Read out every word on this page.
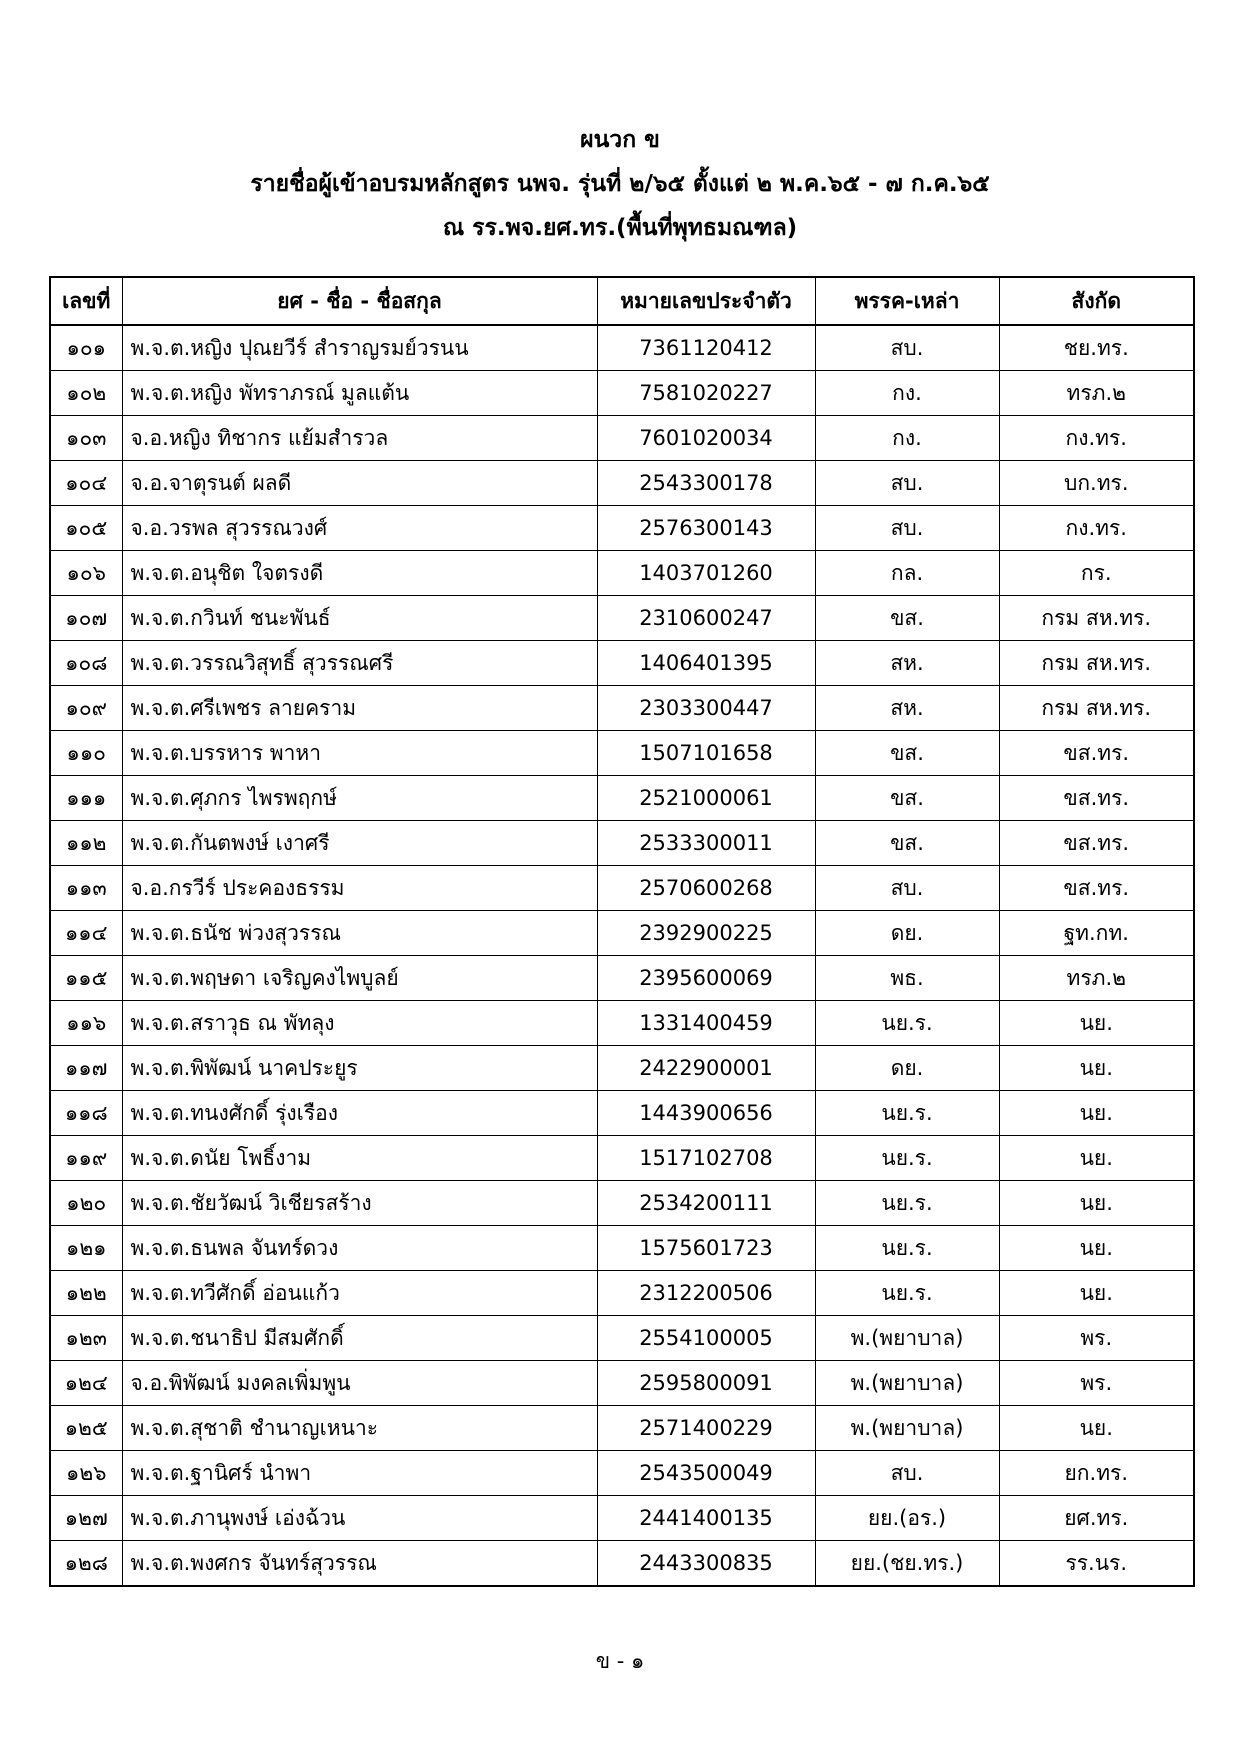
ผนวก ข
รายชื่อผู้เข้าอบรมหลักสูตร นพจ. รุ่นที่ ๒/๖๕ ตั้งแต่ ๒ พ.ค.๖๕ - ๗ ก.ค.๖๕
ณ รร.พจ.ยศ.ทร.(พื้นที่พุทธมณฑล)
เลขที่	ยศ - ชื่อ - ชื่อสกุล	หมายเลขประจำตัว	พรรค-เหล่า	สังกัด
๑๐๑	พ.จ.ต.หญิง ปุณยวีร์ สำราญรมย์วรนน	7361120412	สบ.	ชย.ทร.
๑๐๒	พ.จ.ต.หญิง พัทราภรณ์ มูลแต้น	7581020227	กง.	ทรภ.๒
๑๐๓	จ.อ.หญิง ทิชากร แย้มสำรวล	7601020034	กง.	กง.ทร.
๑๐๔	จ.อ.จาตุรนต์ ผลดี	2543300178	สบ.	บก.ทร.
๑๐๕	จ.อ.วรพล สุวรรณวงศ์	2576300143	สบ.	กง.ทร.
๑๐๖	พ.จ.ต.อนุชิต ใจตรงดี	1403701260	กล.	กร.
๑๐๗	พ.จ.ต.กวินท์ ชนะพันธ์	2310600247	ขส.	กรม สห.ทร.
๑๐๘	พ.จ.ต.วรรณวิสุทธิ์ สุวรรณศรี	1406401395	สห.	กรม สห.ทร.
๑๐๙	พ.จ.ต.ศรีเพชร ลายคราม	2303300447	สห.	กรม สห.ทร.
๑๑๐	พ.จ.ต.บรรหาร พาหา	1507101658	ขส.	ขส.ทร.
๑๑๑	พ.จ.ต.ศุภกร ไพรพฤกษ์	2521000061	ขส.	ขส.ทร.
๑๑๒	พ.จ.ต.กันตพงษ์ เงาศรี	2533300011	ขส.	ขส.ทร.
๑๑๓	จ.อ.กรวีร์ ประคองธรรม	2570600268	สบ.	ขส.ทร.
๑๑๔	พ.จ.ต.ธนัช พ่วงสุวรรณ	2392900225	ดย.	ฐท.กท.
๑๑๕	พ.จ.ต.พฤษดา เจริญคงไพบูลย์	2395600069	พธ.	ทรภ.๒
๑๑๖	พ.จ.ต.สราวุธ ณ พัทลุง	1331400459	นย.ร.	นย.
๑๑๗	พ.จ.ต.พิพัฒน์ นาคประยูร	2422900001	ดย.	นย.
๑๑๘	พ.จ.ต.ทนงศักดิ์ รุ่งเรือง	1443900656	นย.ร.	นย.
๑๑๙	พ.จ.ต.ดนัย โพธิ์งาม	1517102708	นย.ร.	นย.
๑๒๐	พ.จ.ต.ชัยวัฒน์ วิเชียรสร้าง	2534200111	นย.ร.	นย.
๑๒๑	พ.จ.ต.ธนพล จันทร์ดวง	1575601723	นย.ร.	นย.
๑๒๒	พ.จ.ต.ทวีศักดิ์ อ่อนแก้ว	2312200506	นย.ร.	นย.
๑๒๓	พ.จ.ต.ชนาธิป มีสมศักดิ์	2554100005	พ.(พยาบาล)	พร.
๑๒๔	จ.อ.พิพัฒน์ มงคลเพิ่มพูน	2595800091	พ.(พยาบาล)	พร.
๑๒๕	พ.จ.ต.สุชาติ ชำนาญเหนาะ	2571400229	พ.(พยาบาล)	นย.
๑๒๖	พ.จ.ต.ฐานิศร์ นำพา	2543500049	สบ.	ยก.ทร.
๑๒๗	พ.จ.ต.ภานุพงษ์ เอ่งฉ้วน	2441400135	ยย.(อร.)	ยศ.ทร.
๑๒๘	พ.จ.ต.พงศกร จันทร์สุวรรณ	2443300835	ยย.(ชย.ทร.)	รร.นร.
ข - ๑
